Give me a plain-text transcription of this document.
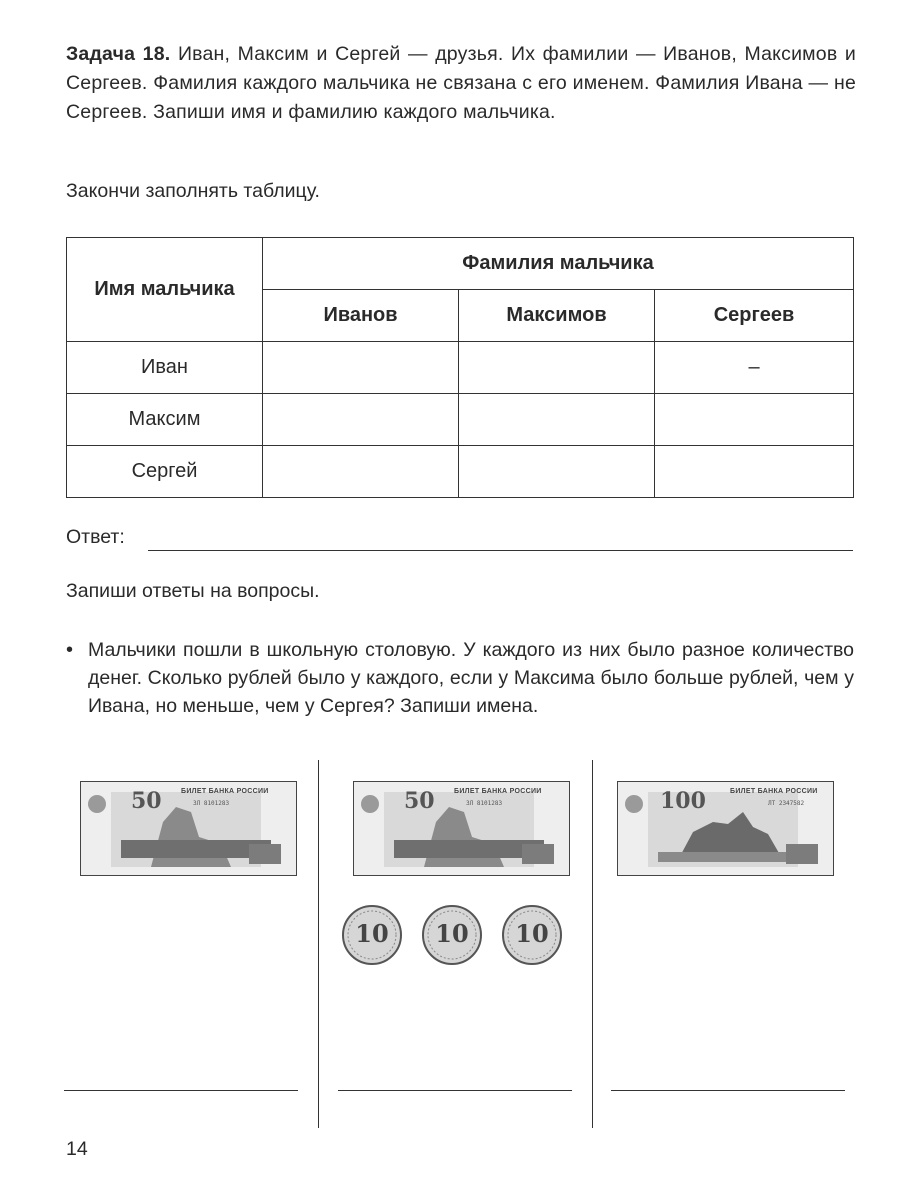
Задача 18. Иван, Максим и Сергей — друзья. Их фамилии — Иванов, Максимов и Сергеев. Фамилия каждого мальчика не связана с его именем. Фамилия Ивана — не Сергеев. Запиши имя и фамилию каждого мальчика.
Закончи заполнять таблицу.
Имя мальчика	Фамилия мальчика		
	Иванов	Максимов	Сергеев
Иван			–
Максим			
Сергей			
Ответ:
Запиши ответы на вопросы.
• Мальчики пошли в школьную столовую. У каждого из них было разное количество денег. Сколько рублей было у каждого, если у Максима было больше рублей, чем у Ивана, но меньше, чем у Сергея? Запиши имена.
50	БИЛЕТ БАНКА РОССИИ
ЗЛ 8101283	50	БИЛЕТ БАНКА РОССИИ
ЗЛ 8101283	100	БИЛЕТ БАНКА РОССИИ
ЛТ 2347582
10	10	10
14
